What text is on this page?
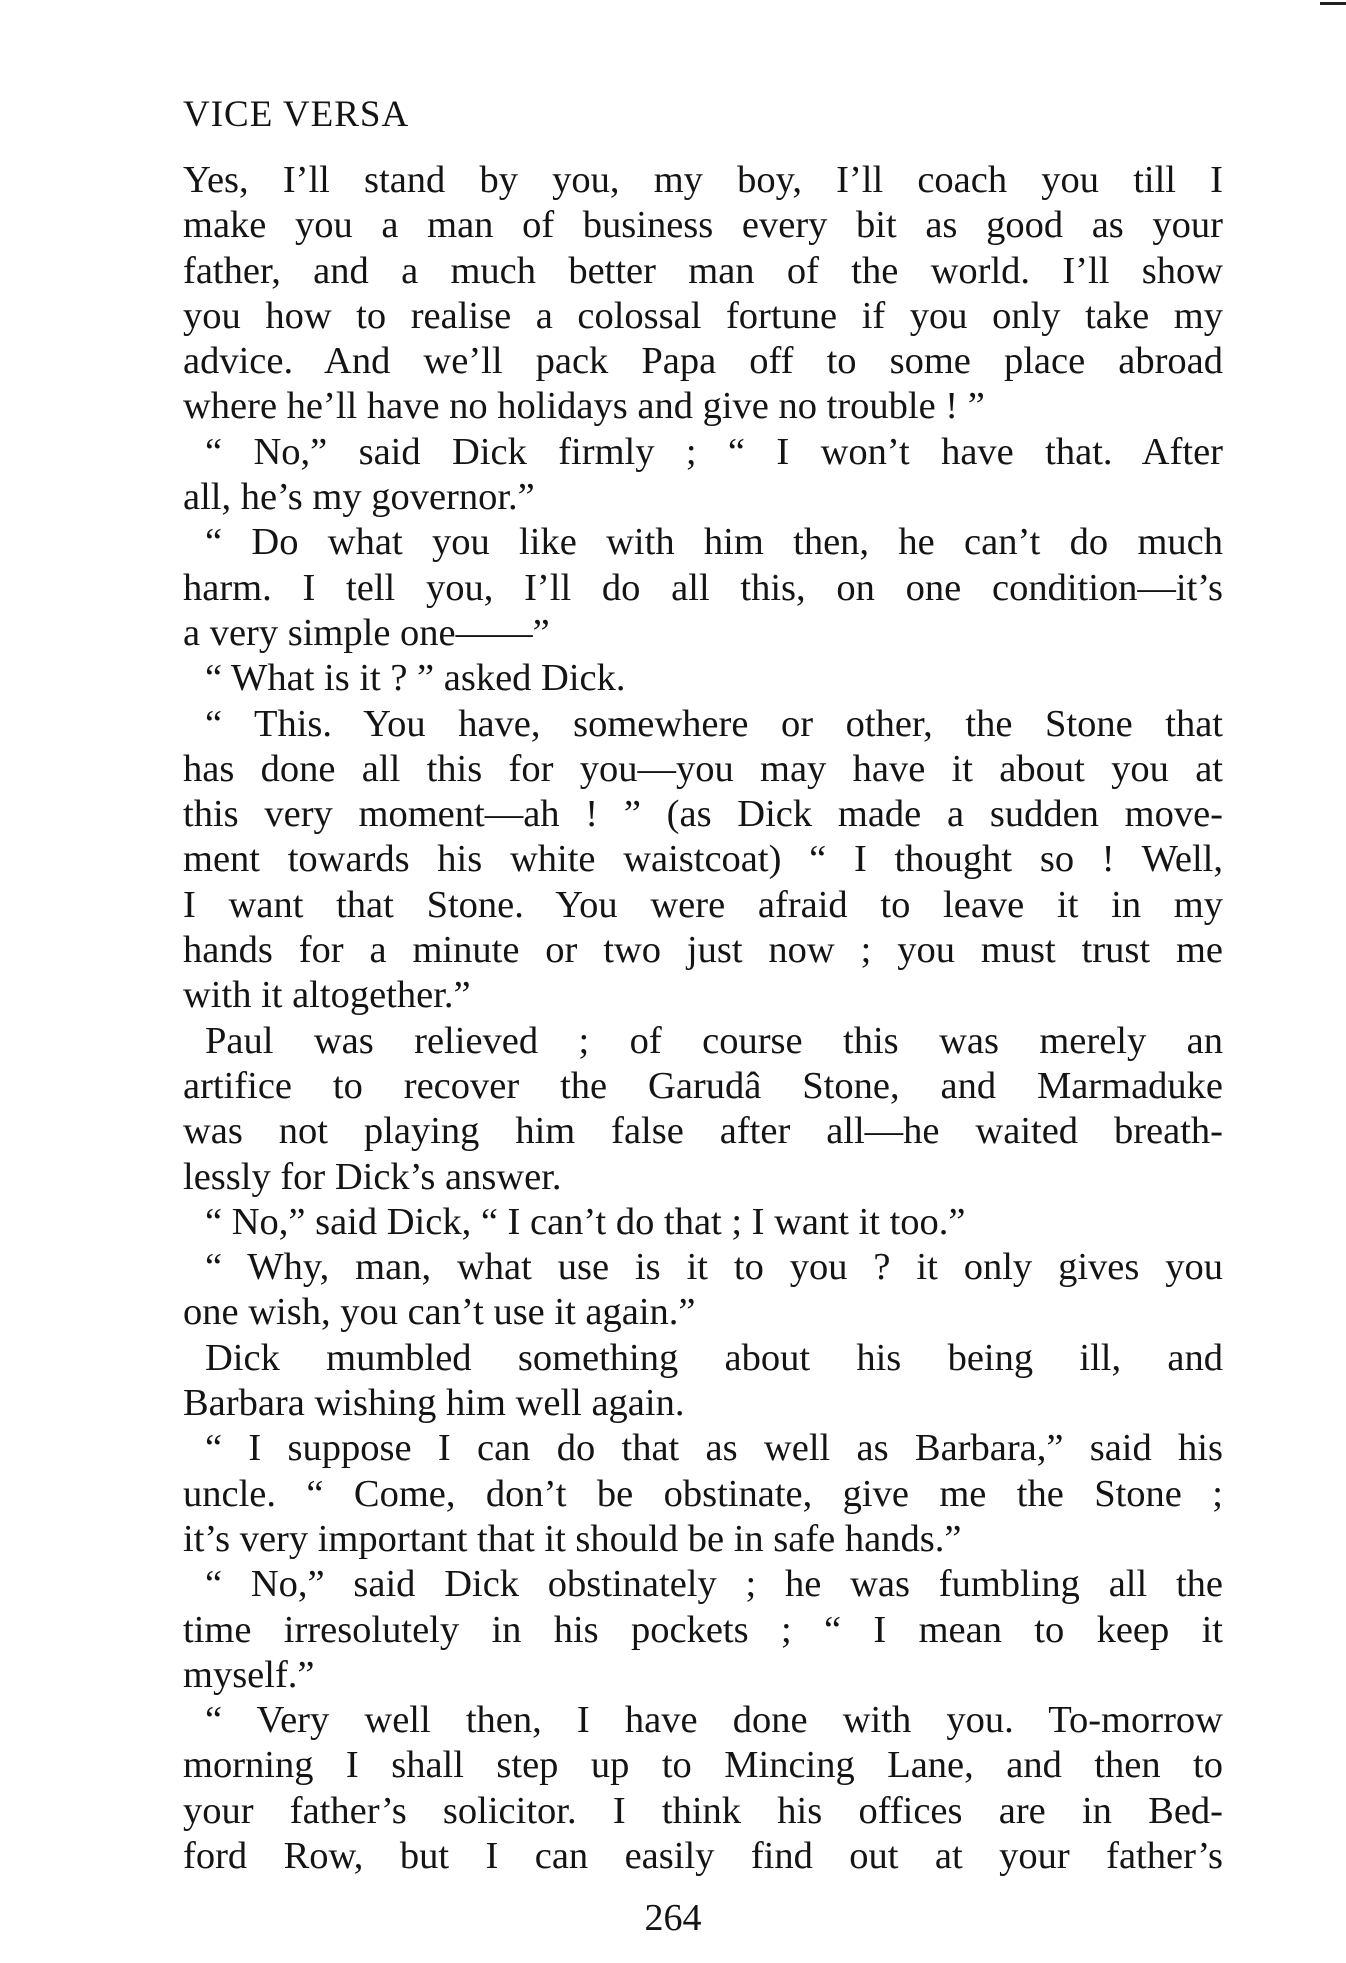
VICE VERSA
Yes, I’ll stand by you, my boy, I’ll coach you till I
make you a man of business every bit as good as your
father, and a much better man of the world. I’ll show
you how to realise a colossal fortune if you only take my
advice. And we’ll pack Papa off to some place abroad
where he’ll have no holidays and give no trouble ! ”
“ No,” said Dick firmly ; “ I won’t have that. After
all, he’s my governor.”
“ Do what you like with him then, he can’t do much
harm. I tell you, I’ll do all this, on one condition—it’s
a very simple one——”
“ What is it ? ” asked Dick.
“ This. You have, somewhere or other, the Stone that
has done all this for you—you may have it about you at
this very moment—ah ! ” (as Dick made a sudden move-
ment towards his white waistcoat) “ I thought so ! Well,
I want that Stone. You were afraid to leave it in my
hands for a minute or two just now ; you must trust me
with it altogether.”
Paul was relieved ; of course this was merely an
artifice to recover the Garudâ Stone, and Marmaduke
was not playing him false after all—he waited breath-
lessly for Dick’s answer.
“ No,” said Dick, “ I can’t do that ; I want it too.”
“ Why, man, what use is it to you ? it only gives you
one wish, you can’t use it again.”
Dick mumbled something about his being ill, and
Barbara wishing him well again.
“ I suppose I can do that as well as Barbara,” said his
uncle. “ Come, don’t be obstinate, give me the Stone ;
it’s very important that it should be in safe hands.”
“ No,” said Dick obstinately ; he was fumbling all the
time irresolutely in his pockets ; “ I mean to keep it
myself.”
“ Very well then, I have done with you. To-morrow
morning I shall step up to Mincing Lane, and then to
your father’s solicitor. I think his offices are in Bed-
ford Row, but I can easily find out at your father’s
264
